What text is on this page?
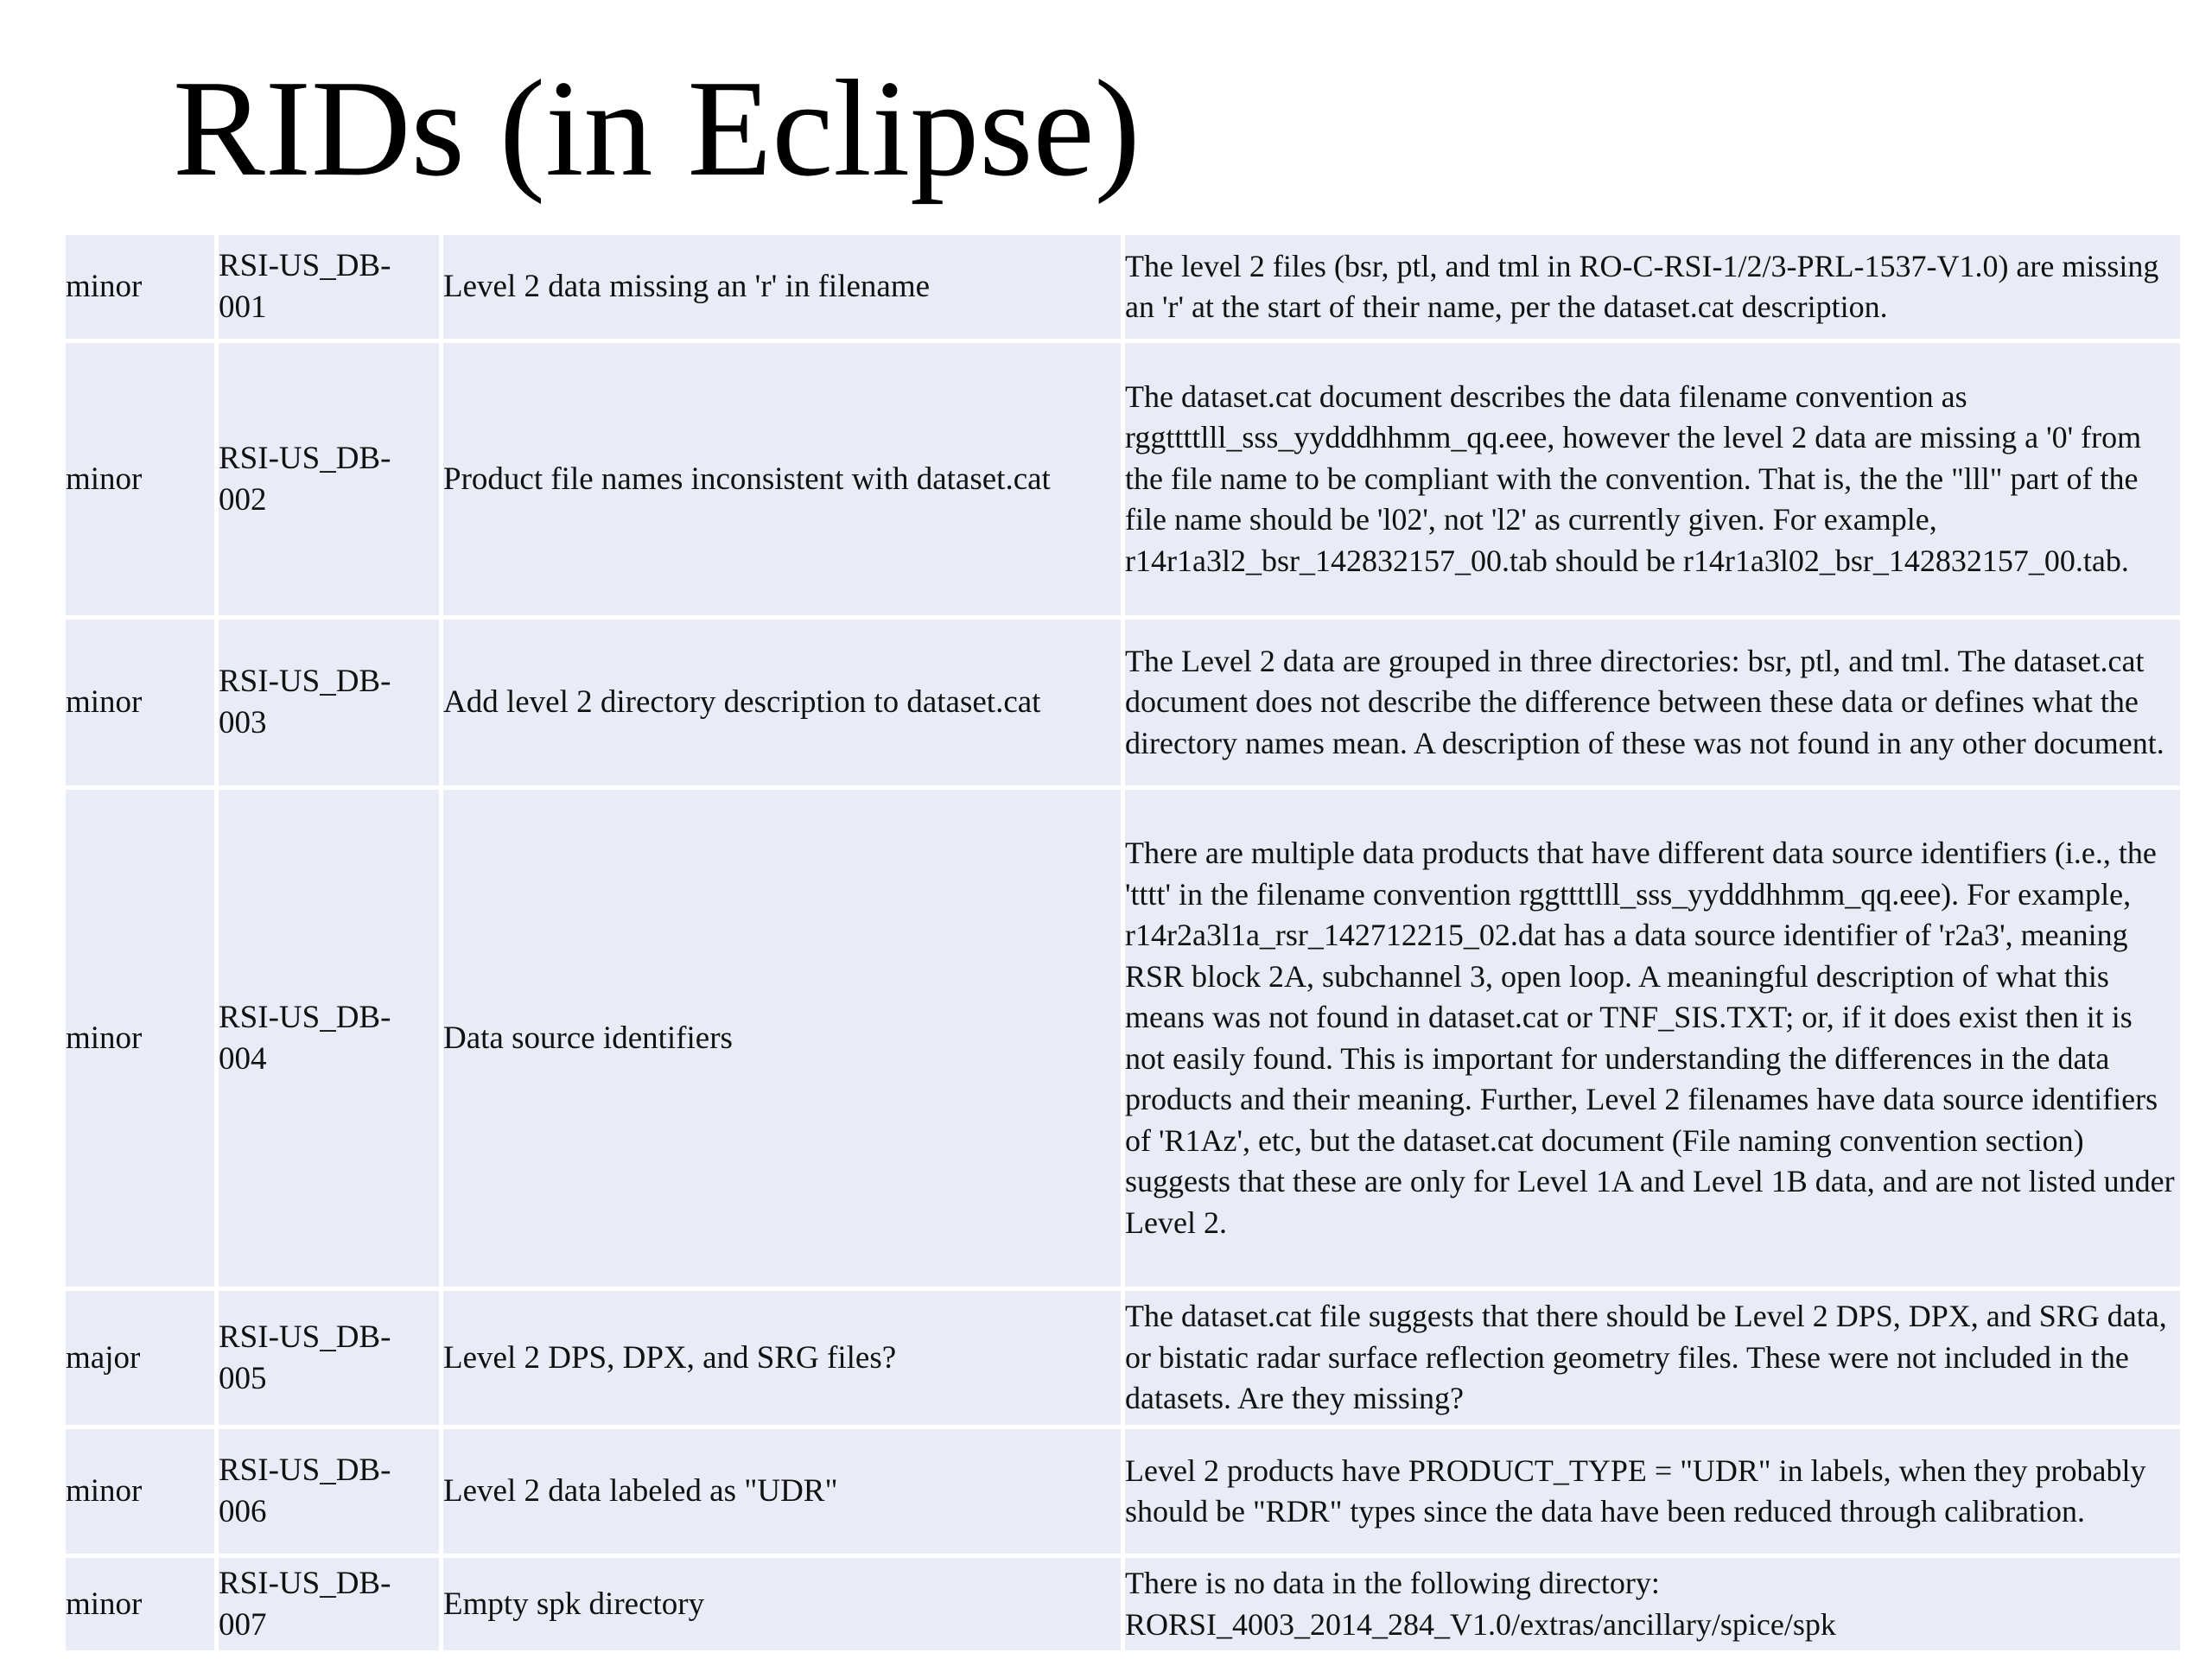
RIDs (in Eclipse)
minor	RSI-US_DB-001	Level 2 data missing an 'r' in filename	The level 2 files (bsr, ptl, and tml in RO-C-RSI-1/2/3-PRL-1537-V1.0) are missing an 'r' at the start of their name, per the dataset.cat description.
minor	RSI-US_DB-002	Product file names inconsistent with dataset.cat	The dataset.cat document describes the data filename convention as rggttttlll_sss_yydddhhmm_qq.eee, however the level 2 data are missing a '0' from the file name to be compliant with the convention. That is, the the "lll" part of the file name should be 'l02', not 'l2' as currently given. For example, r14r1a3l2_bsr_142832157_00.tab should be r14r1a3l02_bsr_142832157_00.tab.
minor	RSI-US_DB-003	Add level 2 directory description to dataset.cat	The Level 2 data are grouped in three directories: bsr, ptl, and tml. The dataset.cat document does not describe the difference between these data or defines what the directory names mean. A description of these was not found in any other document.
minor	RSI-US_DB-004	Data source identifiers	There are multiple data products that have different data source identifiers (i.e., the 'tttt' in the filename convention rggttttlll_sss_yydddhhmm_qq.eee). For example, r14r2a3l1a_rsr_142712215_02.dat has a data source identifier of 'r2a3', meaning RSR block 2A, subchannel 3, open loop. A meaningful description of what this means was not found in dataset.cat or TNF_SIS.TXT; or, if it does exist then it is not easily found. This is important for understanding the differences in the data products and their meaning. Further, Level 2 filenames have data source identifiers of 'R1Az', etc, but the dataset.cat document (File naming convention section) suggests that these are only for Level 1A and Level 1B data, and are not listed under Level 2.
major	RSI-US_DB-005	Level 2 DPS, DPX, and SRG files?	The dataset.cat file suggests that there should be Level 2 DPS, DPX, and SRG data, or bistatic radar surface reflection geometry files. These were not included in the datasets. Are they missing?
minor	RSI-US_DB-006	Level 2 data labeled as "UDR"	Level 2 products have PRODUCT_TYPE = "UDR" in labels, when they probably should be "RDR" types since the data have been reduced through calibration.
minor	RSI-US_DB-007	Empty spk directory	There is no data in the following directory: RORSI_4003_2014_284_V1.0/extras/ancillary/spice/spk
